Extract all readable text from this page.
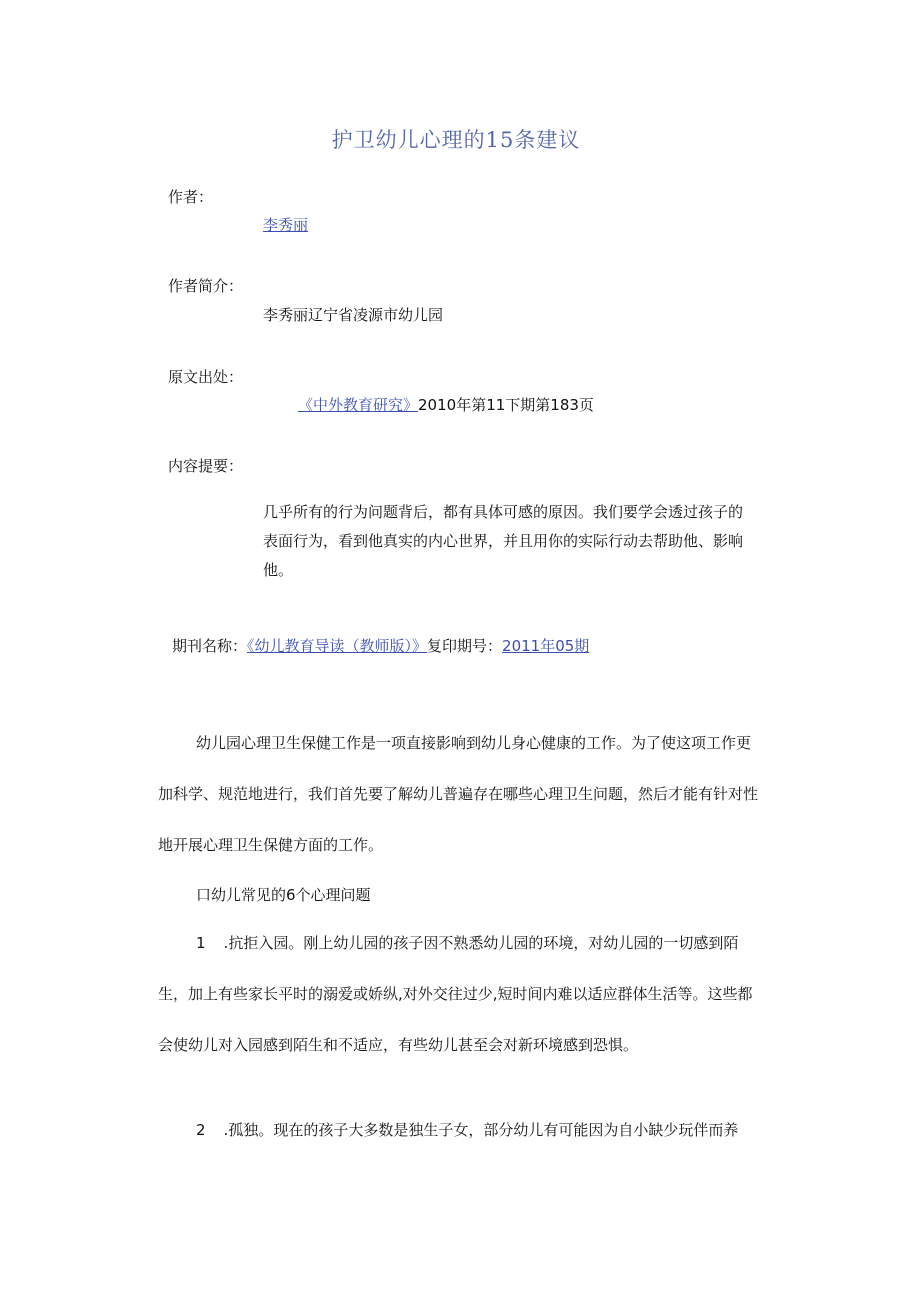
护卫幼儿心理的15条建议
作者：
李秀丽
作者简介：
李秀丽辽宁省凌源市幼儿园
原文出处：
《中外教育研究》2010年第11下期第183页
内容提要：
几乎所有的行为问题背后，都有具体可感的原因。我们要学会透过孩子的表面行为，看到他真实的内心世界，并且用你的实际行动去帮助他、影响他。
期刊名称：《幼儿教育导读（教师版）》复印期号：2011年05期

幼儿园心理卫生保健工作是一项直接影响到幼儿身心健康的工作。为了使这项工作更加科学、规范地进行，我们首先要了解幼儿普遍存在哪些心理卫生问题，然后才能有针对性地开展心理卫生保健方面的工作。

口幼儿常见的6个心理问题

1 .抗拒入园。刚上幼儿园的孩子因不熟悉幼儿园的环境，对幼儿园的一切感到陌生，加上有些家长平时的溺爱或娇纵,对外交往过少,短时间内难以适应群体生活等。这些都会使幼儿对入园感到陌生和不适应，有些幼儿甚至会对新环境感到恐惧。

2 .孤独。现在的孩子大多数是独生子女，部分幼儿有可能因为自小缺少玩伴而养
